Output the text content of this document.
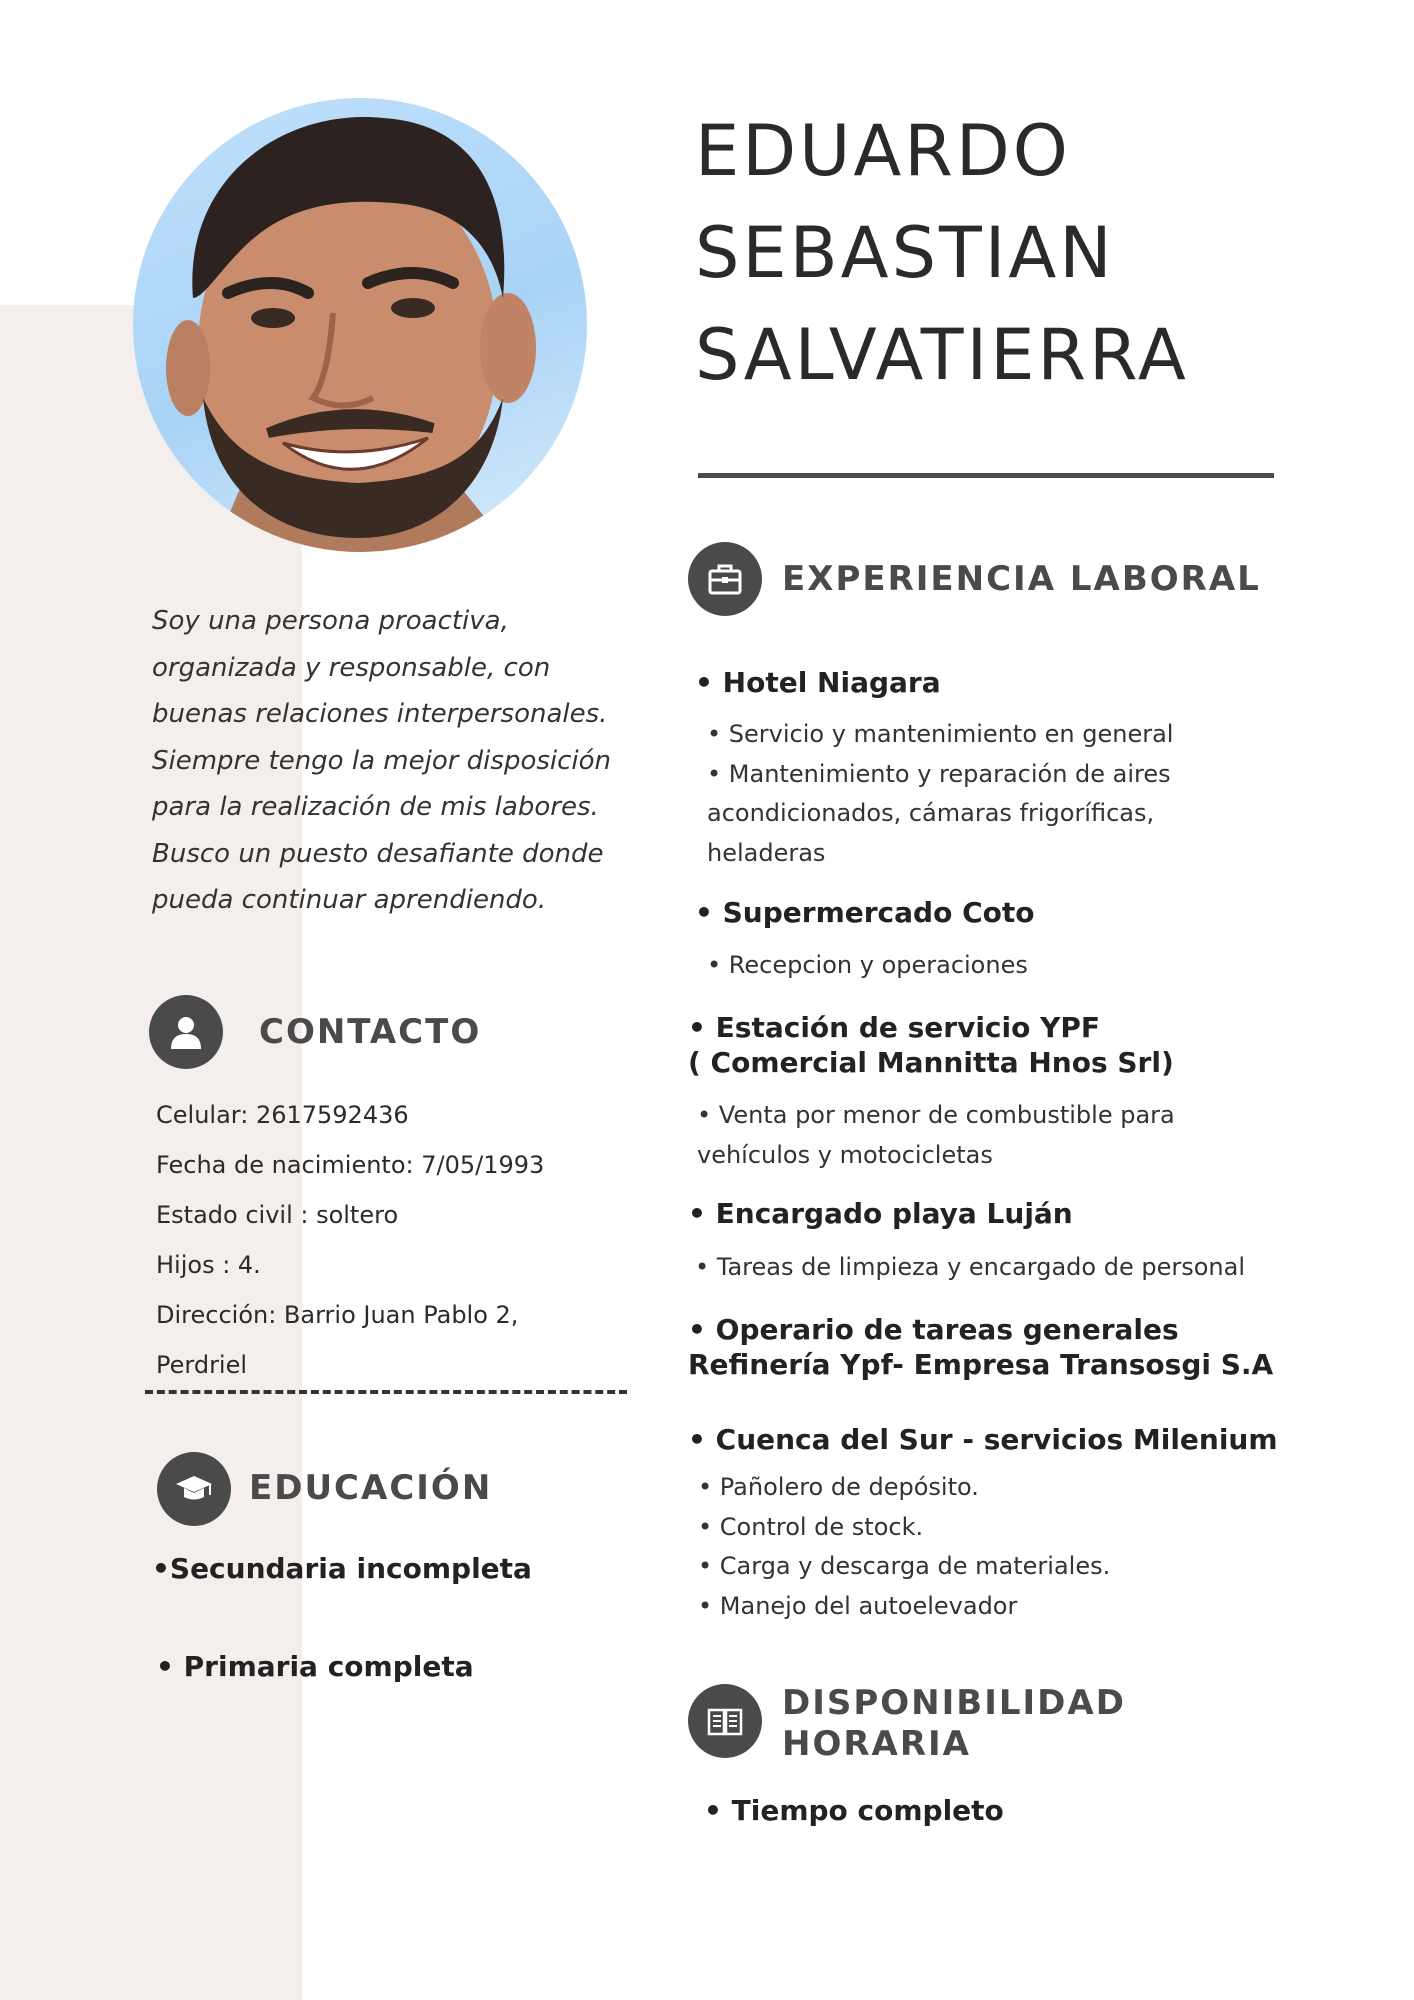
EDUARDO
SEBASTIAN
SALVATIERRA

Soy una persona proactiva, organizada y responsable, con buenas relaciones interpersonales. Siempre tengo la mejor disposición para la realización de mis labores. Busco un puesto desafiante donde pueda continuar aprendiendo.

CONTACTO
Celular: 2617592436
Fecha de nacimiento: 7/05/1993
Estado civil : soltero
Hijos : 4.
Dirección: Barrio Juan Pablo 2,
Perdriel
EDUCACIÓN

•Secundaria incompleta

• Primaria completa

EXPERIENCIA LABORAL

• Hotel Niagara

• Servicio y mantenimiento en general
• Mantenimiento y reparación de aires
acondicionados, cámaras frigoríficas,
heladeras

• Supermercado Coto

• Recepcion y operaciones

• Estación de servicio YPF

( Comercial Mannitta Hnos Srl)

• Venta por menor de combustible para
vehículos y motocicletas

• Encargado playa Luján

• Tareas de limpieza y encargado de personal

• Operario de tareas generales

Refinería Ypf- Empresa Transosgi S.A

• Cuenca del Sur - servicios Milenium

• Pañolero de depósito.
• Control de stock.
• Carga y descarga de materiales.
• Manejo del autoelevador
DISPONIBILIDAD
HORARIA

• Tiempo completo
